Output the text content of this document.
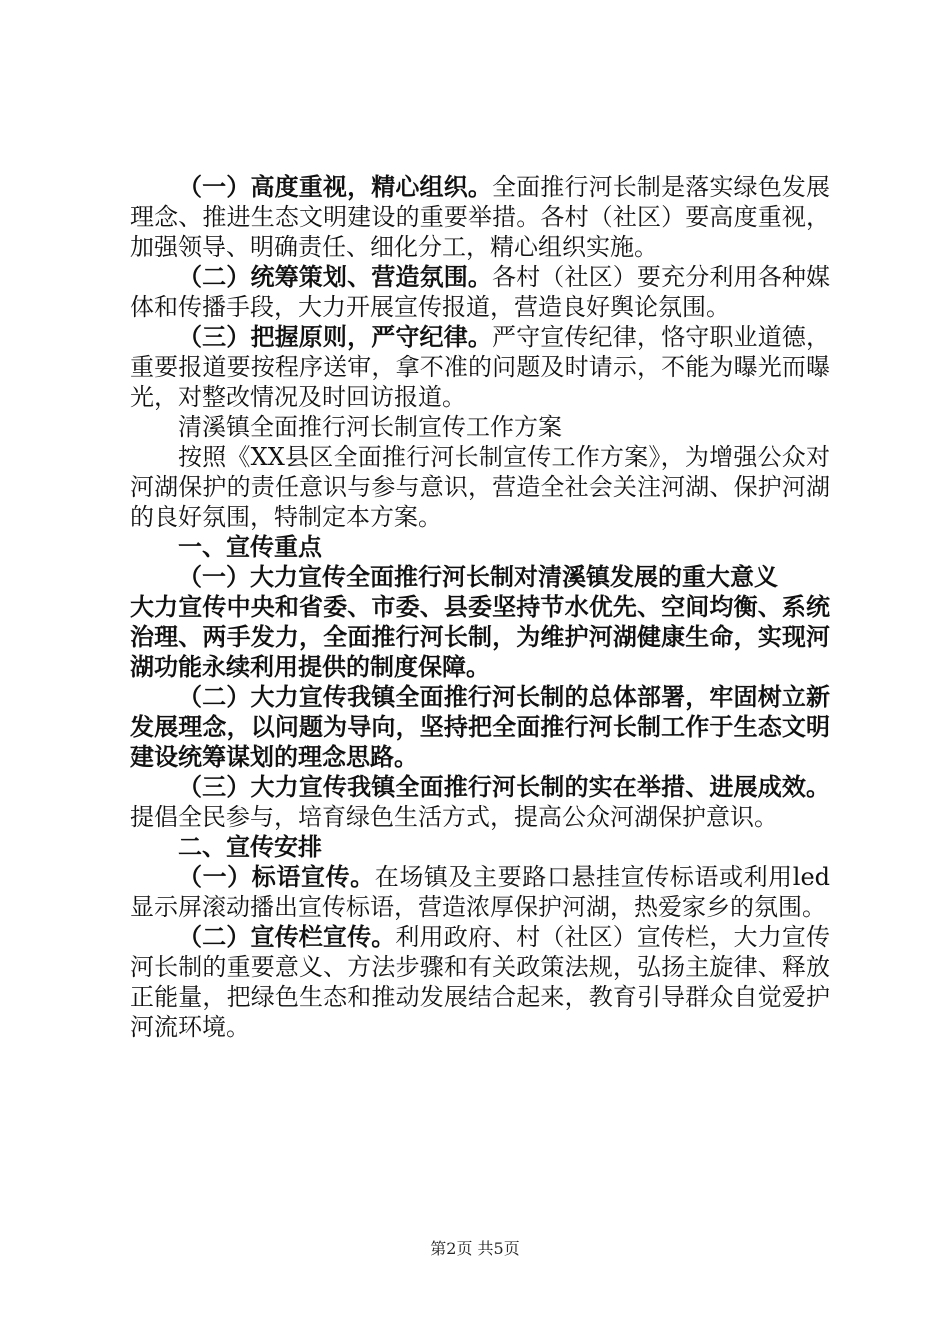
（一）高度重视，精心组织。全面推行河长制是落实绿色发展理念、推进生态文明建设的重要举措。各村（社区）要高度重视，加强领导、明确责任、细化分工，精心组织实施。

（二）统筹策划、营造氛围。各村（社区）要充分利用各种媒体和传播手段，大力开展宣传报道，营造良好舆论氛围。

（三）把握原则，严守纪律。严守宣传纪律，恪守职业道德，重要报道要按程序送审，拿不准的问题及时请示，不能为曝光而曝光，对整改情况及时回访报道。

清溪镇全面推行河长制宣传工作方案

按照《XX县区全面推行河长制宣传工作方案》，为增强公众对河湖保护的责任意识与参与意识，营造全社会关注河湖、保护河湖的良好氛围，特制定本方案。

一、宣传重点

（一）大力宣传全面推行河长制对清溪镇发展的重大意义
大力宣传中央和省委、市委、县委坚持节水优先、空间均衡、系统治理、两手发力，全面推行河长制，为维护河湖健康生命，实现河湖功能永续利用提供的制度保障。

（二）大力宣传我镇全面推行河长制的总体部署，牢固树立新发展理念，以问题为导向，坚持把全面推行河长制工作于生态文明建设统筹谋划的理念思路。

（三）大力宣传我镇全面推行河长制的实在举措、进展成效。提倡全民参与，培育绿色生活方式，提高公众河湖保护意识。

二、宣传安排

（一）标语宣传。在场镇及主要路口悬挂宣传标语或利用led显示屏滚动播出宣传标语，营造浓厚保护河湖，热爱家乡的氛围。

（二）宣传栏宣传。利用政府、村（社区）宣传栏，大力宣传河长制的重要意义、方法步骤和有关政策法规，弘扬主旋律、释放正能量，把绿色生态和推动发展结合起来，教育引导群众自觉爱护河流环境。

第2页 共5页
